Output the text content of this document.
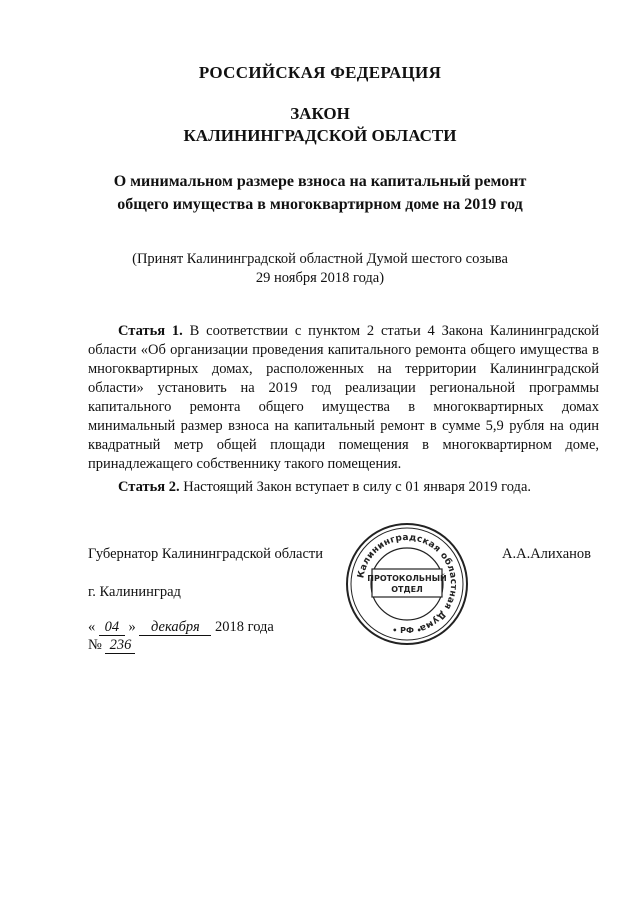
РОССИЙСКАЯ ФЕДЕРАЦИЯ
ЗАКОН
КАЛИНИНГРАДСКОЙ ОБЛАСТИ
О минимальном размере взноса на капитальный ремонт
общего имущества в многоквартирном доме на 2019 год
(Принят Калининградской областной Думой шестого созыва
29 ноября 2018 года)
Статья 1. В соответствии с пунктом 2 статьи 4 Закона Калининградской области «Об организации проведения капитального ремонта общего имущества в многоквартирных домах, расположенных на территории Калининградской области» установить на 2019 год реализации региональной программы капитального ремонта общего имущества в многоквартирных домах минимальный размер взноса на капитальный ремонт в сумме 5,9 рубля на один квадратный метр общей площади помещения в многоквартирном доме, принадлежащего собственнику такого помещения.
Статья 2. Настоящий Закон вступает в силу с 01 января 2019 года.
Губернатор Калининградской области	А.А.Алиханов
г. Калининград
« 04 » декабря 2018 года
№ 236
Калининградская областная Дума
ПРОТОКОЛЬНЫЙ
ОТДЕЛ
• РФ •
